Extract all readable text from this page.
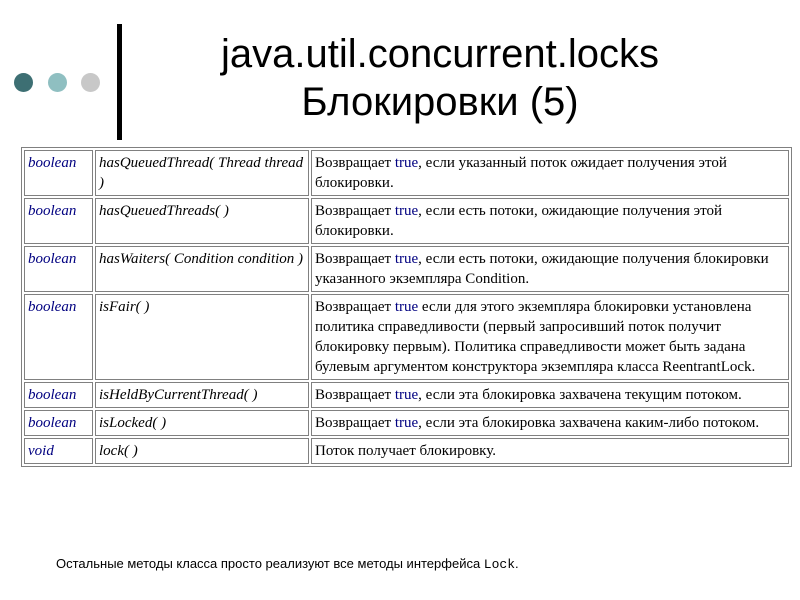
java.util.concurrent.locks
Блокировки (5)
boolean	hasQueuedThread( Thread thread )	Возвращает true, если указанный поток ожидает получения этой блокировки.
boolean	hasQueuedThreads( )	Возвращает true, если есть потоки, ожидающие получения этой блокировки.
boolean	hasWaiters( Condition condition )	Возвращает true, если есть потоки, ожидающие получения блокировки указанного экземпляра Condition.
boolean	isFair( )	Возвращает true если для этого экземпляра блокировки установлена политика справедливости (первый запросивший поток получит блокировку первым). Политика справедливости может быть задана булевым аргументом конструктора экземпляра класса ReentrantLock.
boolean	isHeldByCurrentThread( )	Возвращает true, если эта блокировка захвачена текущим потоком.
boolean	isLocked( )	Возвращает true, если эта блокировка захвачена каким-либо потоком.
void	lock( )	Поток получает блокировку.
Остальные методы класса просто реализуют все методы интерфейса Lock.
